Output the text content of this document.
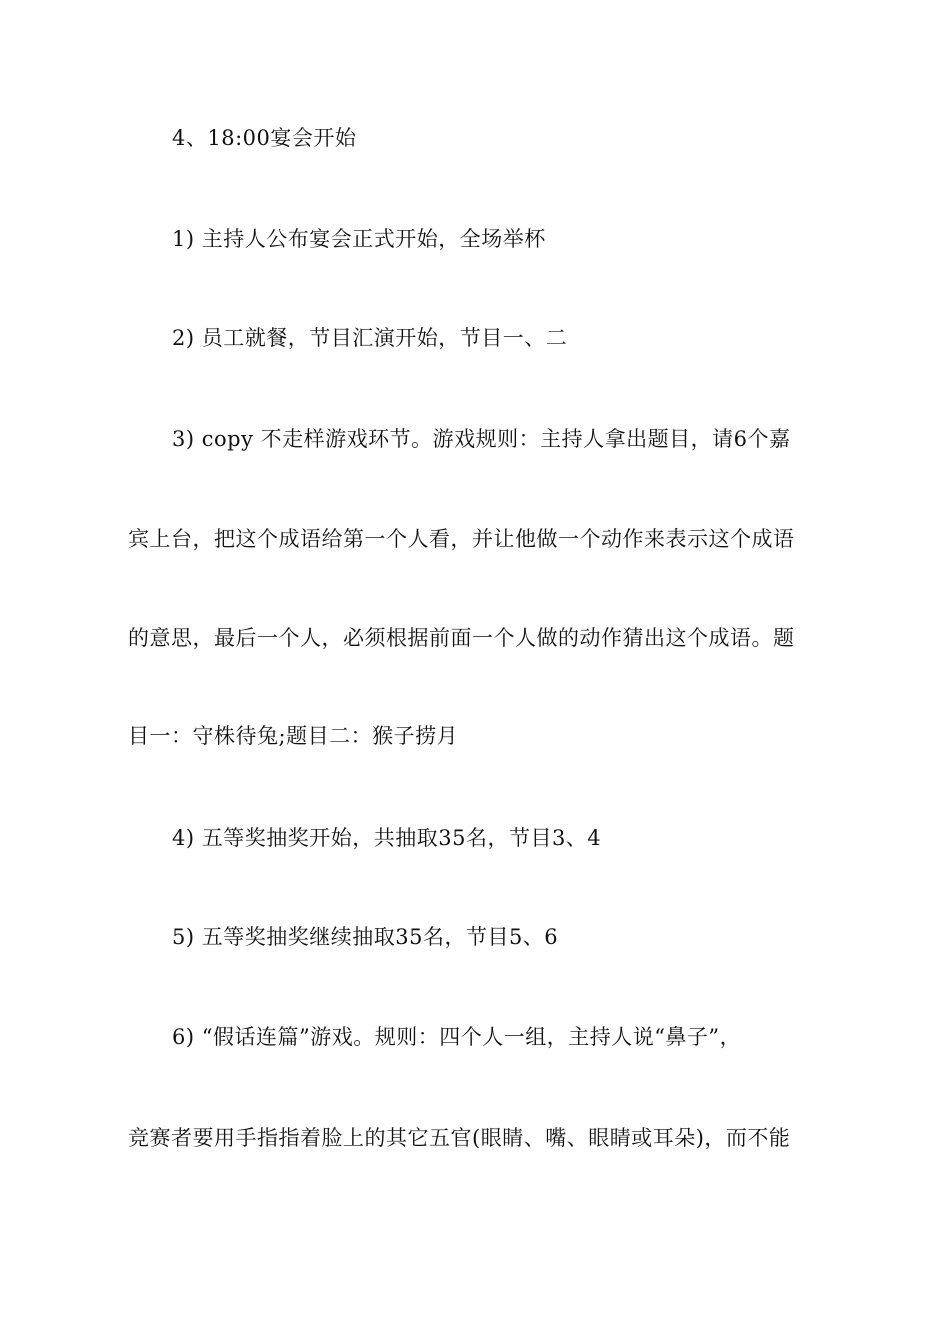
4、18:00宴会开始
1) 主持人公布宴会正式开始，全场举杯
2) 员工就餐，节目汇演开始，节目一、二
3) copy 不走样游戏环节。游戏规则：主持人拿出题目，请6个嘉
宾上台，把这个成语给第一个人看，并让他做一个动作来表示这个成语
的意思，最后一个人，必须根据前面一个人做的动作猜出这个成语。题
目一：守株待兔;题目二：猴子捞月
4) 五等奖抽奖开始，共抽取35名，节目3、4
5) 五等奖抽奖继续抽取35名，节目5、6
6) “假话连篇”游戏。规则：四个人一组，主持人说“鼻子”，
竞赛者要用手指指着脸上的其它五官(眼睛、嘴、眼睛或耳朵)，而不能
